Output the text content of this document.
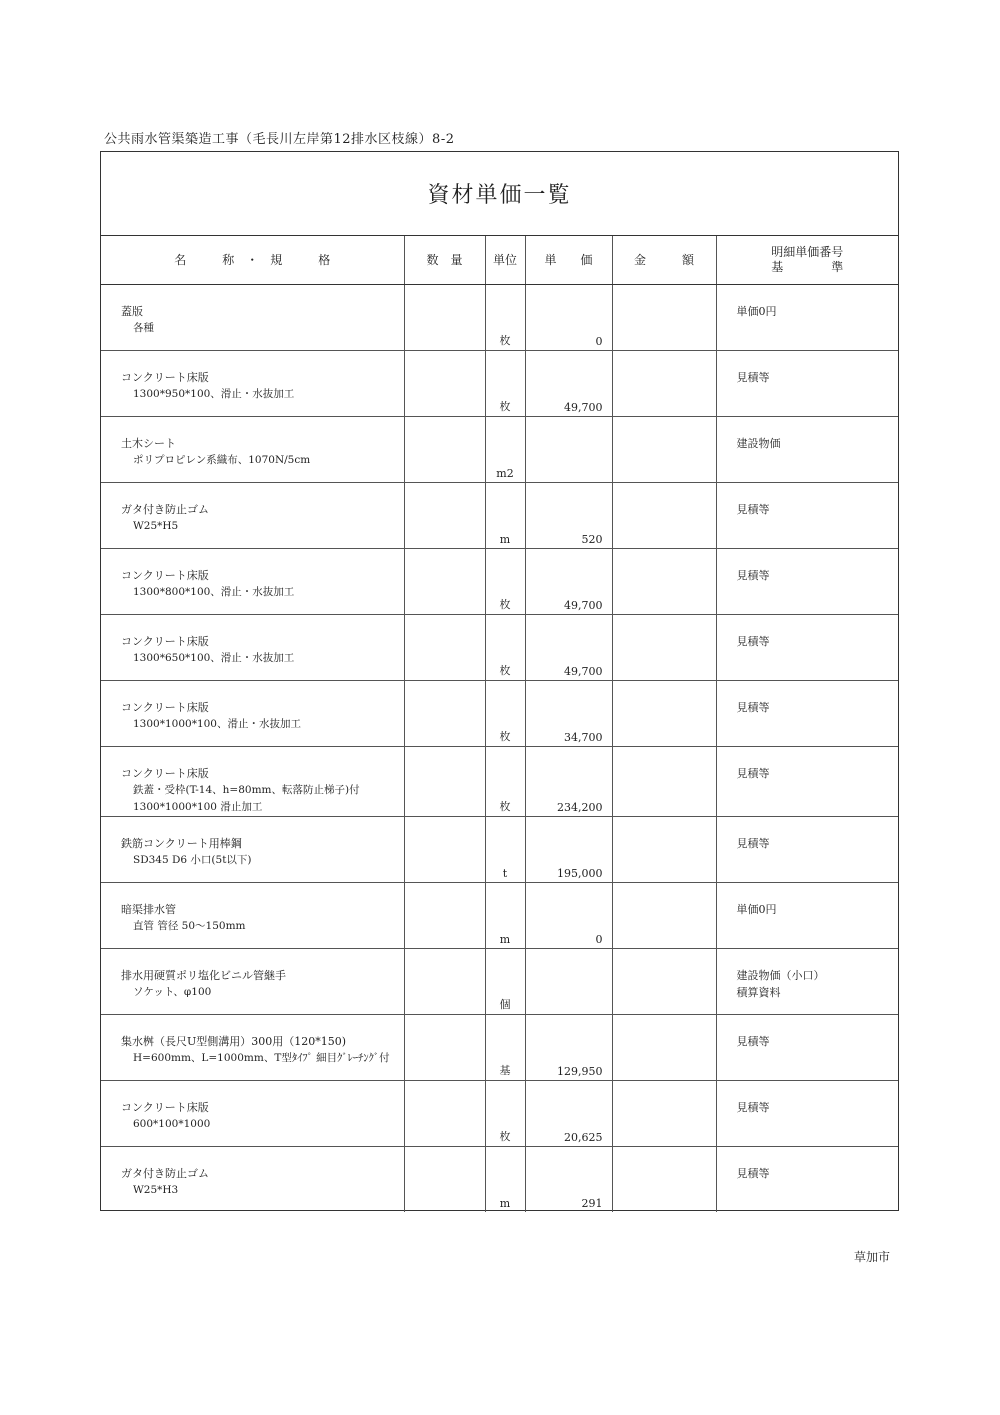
公共雨水管渠築造工事（毛長川左岸第12排水区枝線）8-2
資材単価一覧
名　　　称　・　規　　　格	数　量	単位	単　　価	金　　　額	明細単価番号
基　　　　準

蓋版
各種		枚	0		単価0円

コンクリート床版
1300*950*100、滑止・水抜加工		枚	49,700		見積等

土木シート
ポリプロピレン系織布、1070N/5cm		m2			建設物価

ガタ付き防止ゴム
W25*H5		m	520		見積等

コンクリート床版
1300*800*100、滑止・水抜加工		枚	49,700		見積等

コンクリート床版
1300*650*100、滑止・水抜加工		枚	49,700		見積等

コンクリート床版
1300*1000*100、滑止・水抜加工		枚	34,700		見積等

コンクリート床版
鉄蓋・受枠(T-14、h=80mm、転落防止梯子)付
1300*1000*100 滑止加工		枚	234,200		見積等

鉄筋コンクリート用棒鋼
SD345 D6 小口(5t以下)		t	195,000		見積等

暗渠排水管
直管 管径 50～150mm		m	0		単価0円

排水用硬質ポリ塩化ビニル管継手
ソケット、φ100		個			建設物価（小口）
積算資料

集水桝（長尺U型側溝用）300用（120*150)
H=600mm、L=1000mm、T型ﾀｲﾌﾟ 細目ｸﾞﾚｰﾁﾝｸﾞ付		基	129,950		見積等

コンクリート床版
600*100*1000		枚	20,625		見積等

ガタ付き防止ゴム
W25*H3		m	291		見積等
草加市
